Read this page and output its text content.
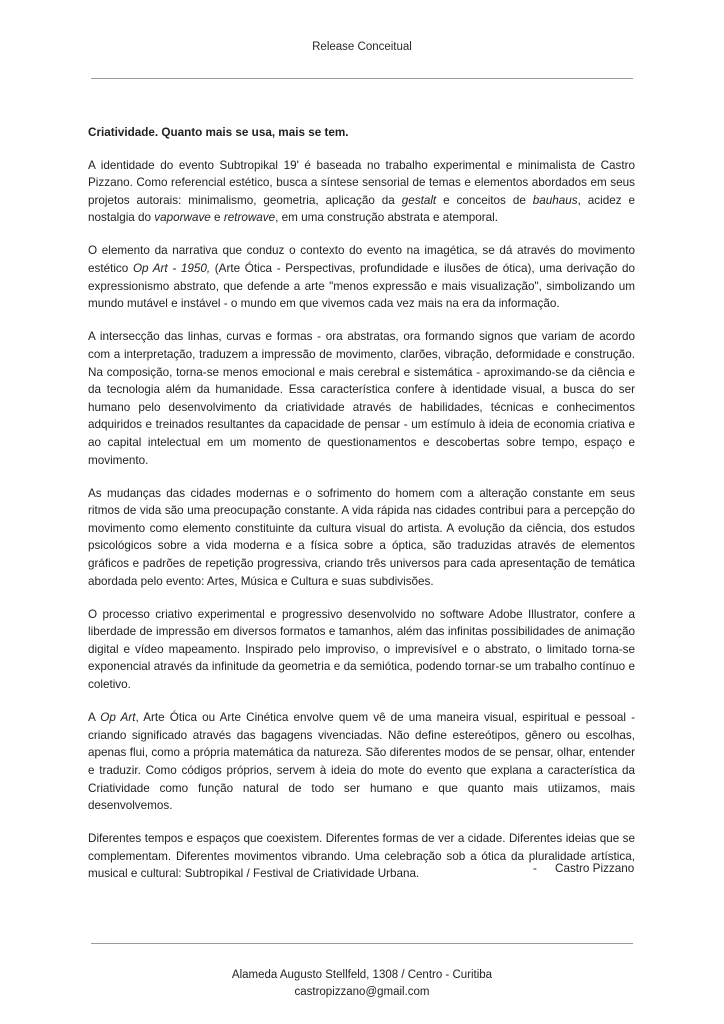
Release Conceitual

Criatividade. Quanto mais se usa, mais se tem.

A identidade do evento Subtropikal 19' é baseada no trabalho experimental e minimalista de Castro Pizzano. Como referencial estético, busca a síntese sensorial de temas e elementos abordados em seus projetos autorais: minimalismo, geometria, aplicação da gestalt e conceitos de bauhaus, acidez e nostalgia do vaporwave e retrowave, em uma construção abstrata e atemporal.

O elemento da narrativa que conduz o contexto do evento na imagética, se dá através do movimento estético Op Art - 1950, (Arte Ótica - Perspectivas, profundidade e ilusões de ótica), uma derivação do expressionismo abstrato, que defende a arte "menos expressão e mais visualização", simbolizando um mundo mutável e instável - o mundo em que vivemos cada vez mais na era da informação.

A intersecção das linhas, curvas e formas - ora abstratas, ora formando signos que variam de acordo com a interpretação, traduzem a impressão de movimento, clarões, vibração, deformidade e construção. Na composição, torna-se menos emocional e mais cerebral e sistemática - aproximando-se da ciência e da tecnologia além da humanidade. Essa característica confere à identidade visual, a busca do ser humano pelo desenvolvimento da criatividade através de habilidades, técnicas e conhecimentos adquiridos e treinados resultantes da capacidade de pensar - um estímulo à ideia de economia criativa e ao capital intelectual em um momento de questionamentos e descobertas sobre tempo, espaço e movimento.

As mudanças das cidades modernas e o sofrimento do homem com a alteração constante em seus ritmos de vida são uma preocupação constante. A vida rápida nas cidades contribui para a percepção do movimento como elemento constituinte da cultura visual do artista. A evolução da ciência, dos estudos psicológicos sobre a vida moderna e a física sobre a óptica, são traduzidas através de elementos gráficos e padrões de repetição progressiva, criando três universos para cada apresentação de temática abordada pelo evento: Artes, Música e Cultura e suas subdivisões.

O processo criativo experimental e progressivo desenvolvido no software Adobe Illustrator, confere a liberdade de impressão em diversos formatos e tamanhos, além das infinitas possibilidades de animação digital e vídeo mapeamento. Inspirado pelo improviso, o imprevisível e o abstrato, o limitado torna-se exponencial através da infinitude da geometria e da semiótica, podendo tornar-se um trabalho contínuo e coletivo.

A Op Art, Arte Ótica ou Arte Cinética envolve quem vê de uma maneira visual, espiritual e pessoal - criando significado através das bagagens vivenciadas. Não define estereótipos, gênero ou escolhas, apenas flui, como a própria matemática da natureza. São diferentes modos de se pensar, olhar, entender e traduzir. Como códigos próprios, servem à ideia do mote do evento que explana a característica da Criatividade como função natural de todo ser humano e que quanto mais utiizamos, mais desenvolvemos.

Diferentes tempos e espaços que coexistem. Diferentes formas de ver a cidade. Diferentes ideias que se complementam. Diferentes movimentos vibrando. Uma celebração sob a ótica da pluralidade artística, musical e cultural: Subtropikal / Festival de Criatividade Urbana.	- Castro Pizzano
Alameda Augusto Stellfeld, 1308 / Centro - Curitiba
castropizzano@gmail.com
